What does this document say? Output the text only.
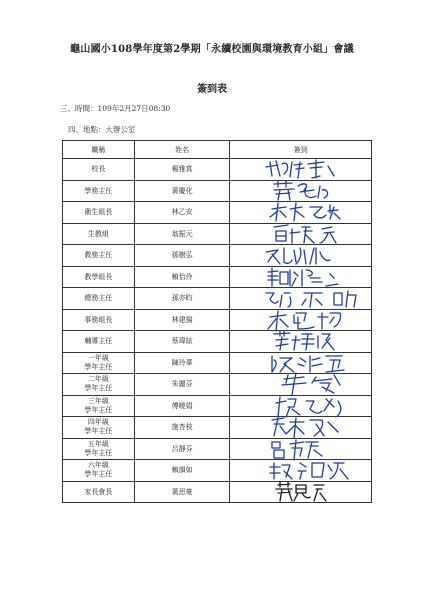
龜山國小108學年度第2學期「永續校園與環境教育小組」會議
簽到表
三、時間：109年2月27日08:30
四、地點：大辦公室
職稱	姓名	簽到
校長	楊雅真	

學務主任	黃慶化	

衛生組長	林乙安	

生教組	翁振元	

教務主任	孫樹弘	

教學組長	賴怡伶	

總務主任	孫亦昀	

事務組長	林建揚	

輔導主任	蔡瑋絃	

一年級
學年主任	陳玲華	

二年級
學年主任	朱麗芬	

三年級
學年主任	傅曉娟	

四年級
學年主任	施杏枝	

五年級
學年主任	呂靜芬	

六年級
學年主任	賴韻如	

家長會長	黃思豪	
